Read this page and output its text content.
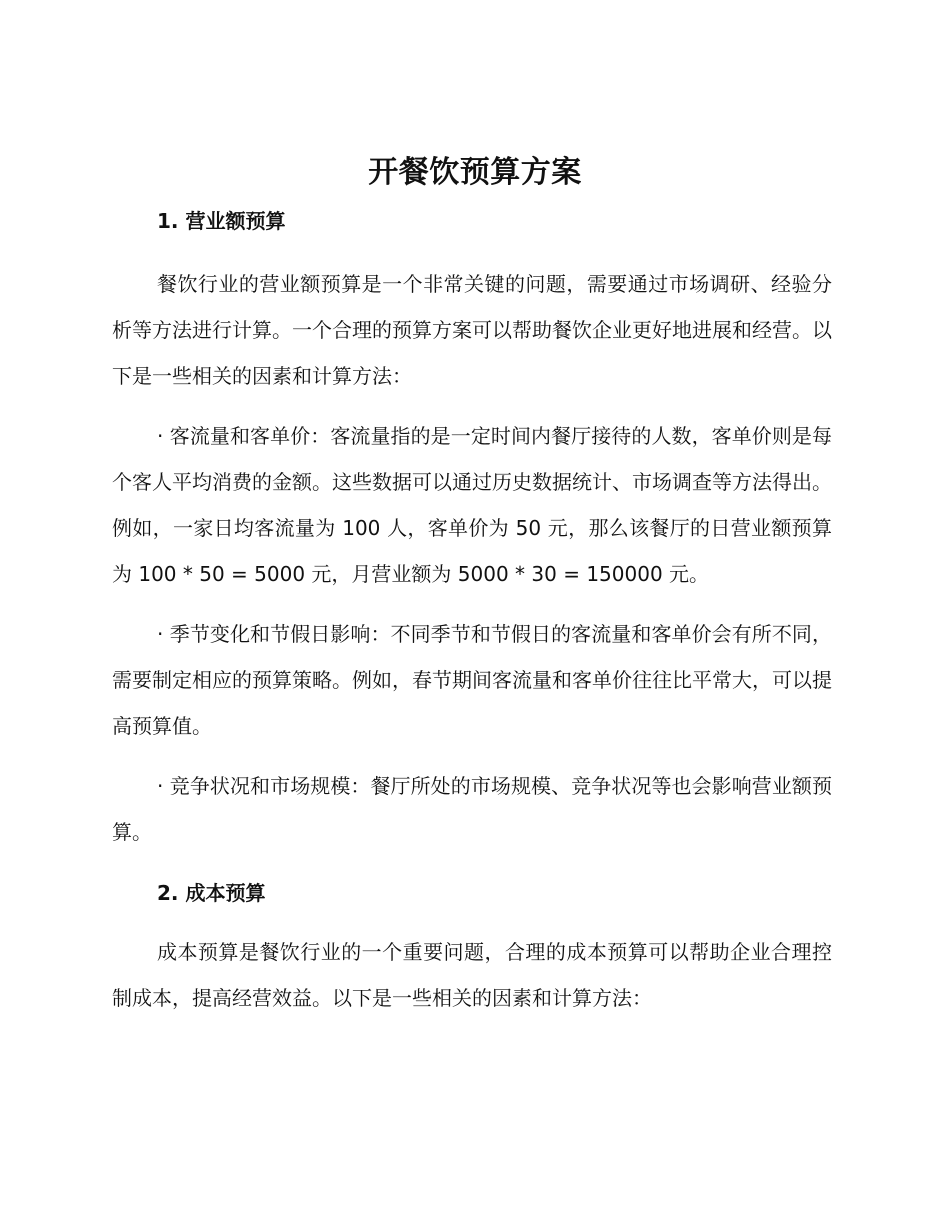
开餐饮预算方案
1. 营业额预算

餐饮行业的营业额预算是一个非常关键的问题，需要通过市场调研、经验分析等方法进行计算。一个合理的预算方案可以帮助餐饮企业更好地进展和经营。以下是一些相关的因素和计算方法：

· 客流量和客单价：客流量指的是一定时间内餐厅接待的人数，客单价则是每个客人平均消费的金额。这些数据可以通过历史数据统计、市场调查等方法得出。例如，一家日均客流量为 100 人，客单价为 50 元，那么该餐厅的日营业额预算为 100 * 50 = 5000 元，月营业额为 5000 * 30 = 150000 元。

· 季节变化和节假日影响：不同季节和节假日的客流量和客单价会有所不同，需要制定相应的预算策略。例如，春节期间客流量和客单价往往比平常大，可以提高预算值。

· 竞争状况和市场规模：餐厅所处的市场规模、竞争状况等也会影响营业额预算。

2. 成本预算

成本预算是餐饮行业的一个重要问题，合理的成本预算可以帮助企业合理控制成本，提高经营效益。以下是一些相关的因素和计算方法：
